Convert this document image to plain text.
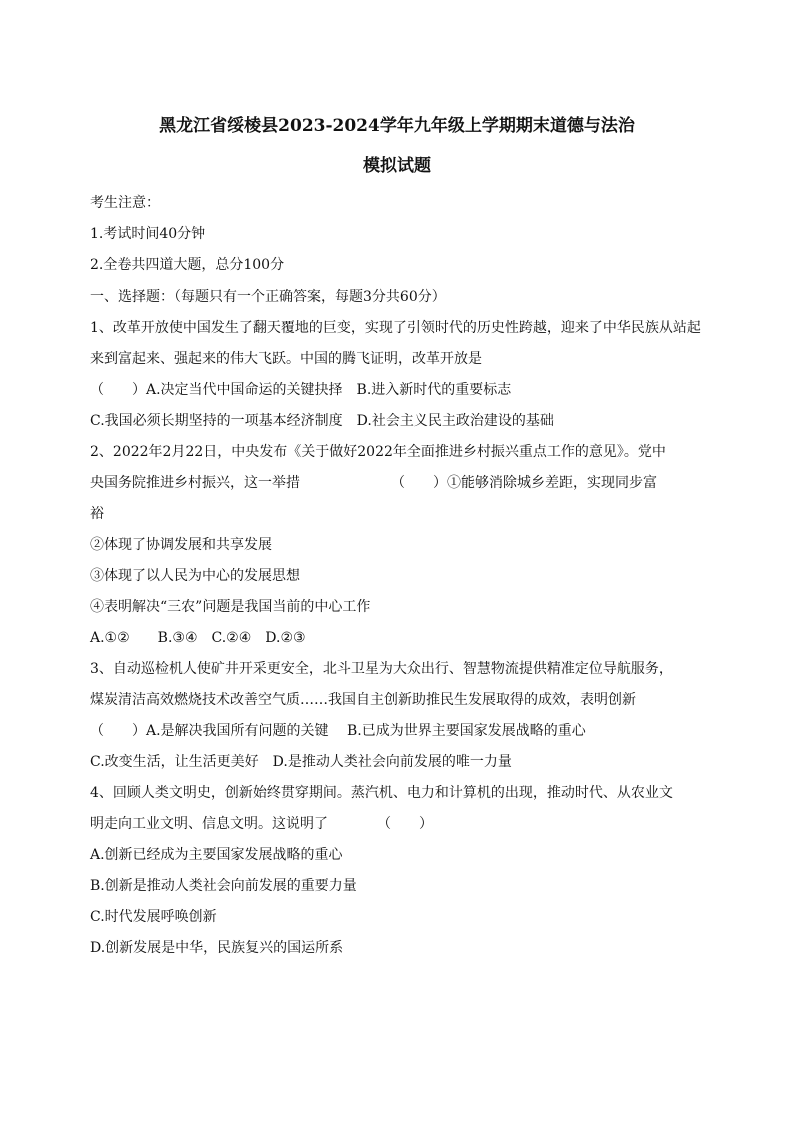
黑龙江省绥棱县2023-2024学年九年级上学期期末道德与法治
模拟试题
考生注意：
1.考试时间40分钟
2.全卷共四道大题，总分100分
一、选择题：（每题只有一个正确答案，每题3分共60分）
1、改革开放使中国发生了翻天覆地的巨变，实现了引领时代的历史性跨越，迎来了中华民族从站起
来到富起来、强起来的伟大飞跃。中国的腾飞证明，改革开放是
（　　）A.决定当代中国命运的关键抉择　B.进入新时代的重要标志
C.我国必须长期坚持的一项基本经济制度　D.社会主义民主政治建设的基础
2、2022年2月22日，中央发布《关于做好2022年全面推进乡村振兴重点工作的意见》。党中
央国务院推进乡村振兴，这一举措　　　　　　　（　　）①能够消除城乡差距，实现同步富
裕
②体现了协调发展和共享发展
③体现了以人民为中心的发展思想
④表明解决“三农”问题是我国当前的中心工作
A.①②　　B.③④　C.②④　D.②③
3、自动巡检机人使矿井开采更安全，北斗卫星为大众出行、智慧物流提供精准定位导航服务，
煤炭清洁高效燃烧技术改善空气质……我国自主创新助推民生发展取得的成效，表明创新
（　　）A.是解决我国所有问题的关键　 B.已成为世界主要国家发展战略的重心
C.改变生活，让生活更美好　D.是推动人类社会向前发展的唯一力量
4、回顾人类文明史，创新始终贯穿期间。蒸汽机、电力和计算机的出现，推动时代、从农业文
明走向工业文明、信息文明。这说明了　　　　（　　）
A.创新已经成为主要国家发展战略的重心
B.创新是推动人类社会向前发展的重要力量
C.时代发展呼唤创新
D.创新发展是中华，民族复兴的国运所系
